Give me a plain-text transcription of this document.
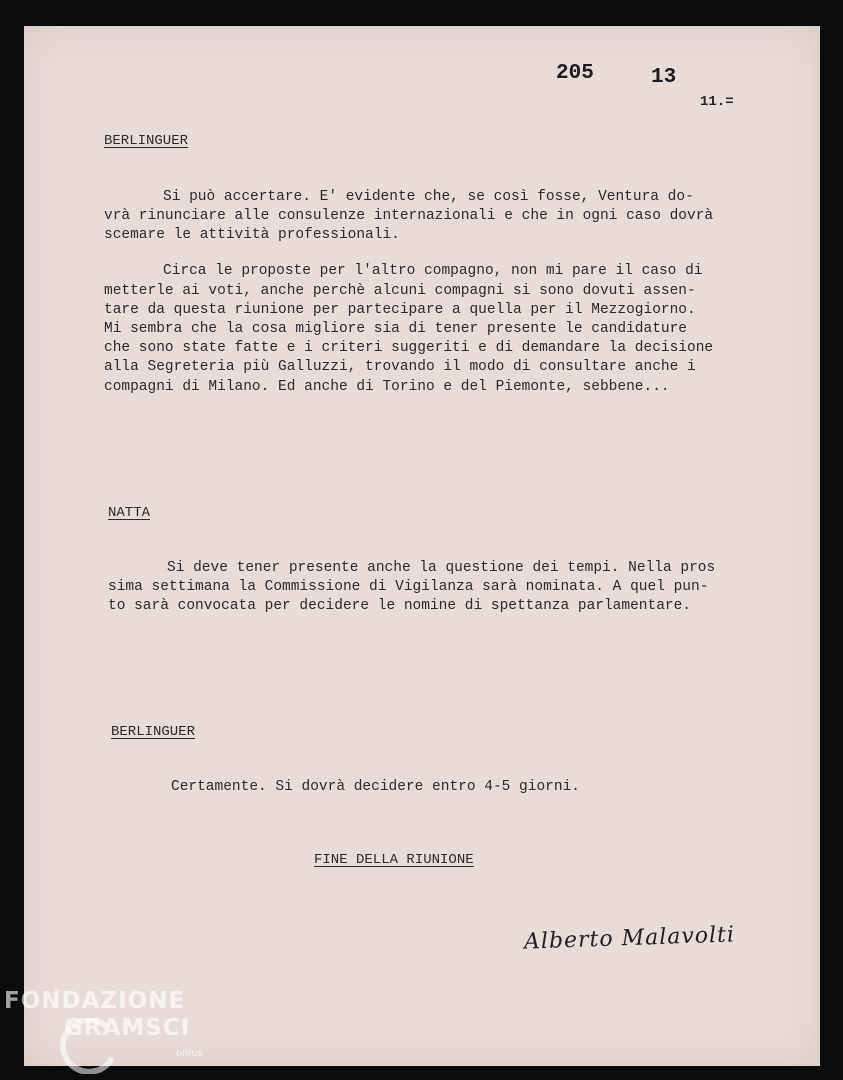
205	13
11.=
BERLINGUER
Si può accertare. E' evidente che, se così fosse, Ventura do-
vrà rinunciare alle consulenze internazionali e che in ogni caso dovrà
scemare le attività professionali.
Circa le proposte per l'altro compagno, non mi pare il caso di
metterle ai voti, anche perchè alcuni compagni si sono dovuti assen-
tare da questa riunione per partecipare a quella per il Mezzogiorno.
Mi sembra che la cosa migliore sia di tener presente le candidature
che sono state fatte e i criteri suggeriti e di demandare la decisione
alla Segreteria più Galluzzi, trovando il modo di consultare anche i
compagni di Milano. Ed anche di Torino e del Piemonte, sebbene...
NATTA
Si deve tener presente anche la questione dei tempi. Nella pros
sima settimana la Commissione di Vigilanza sarà nominata. A quel pun-
to sarà convocata per decidere le nomine di spettanza parlamentare.
BERLINGUER
Certamente. Si dovrà decidere entro 4-5 giorni.
FINE DELLA RIUNIONE
Alberto Malavolti
FONDAZIONE
GRAMSCI
onlus
